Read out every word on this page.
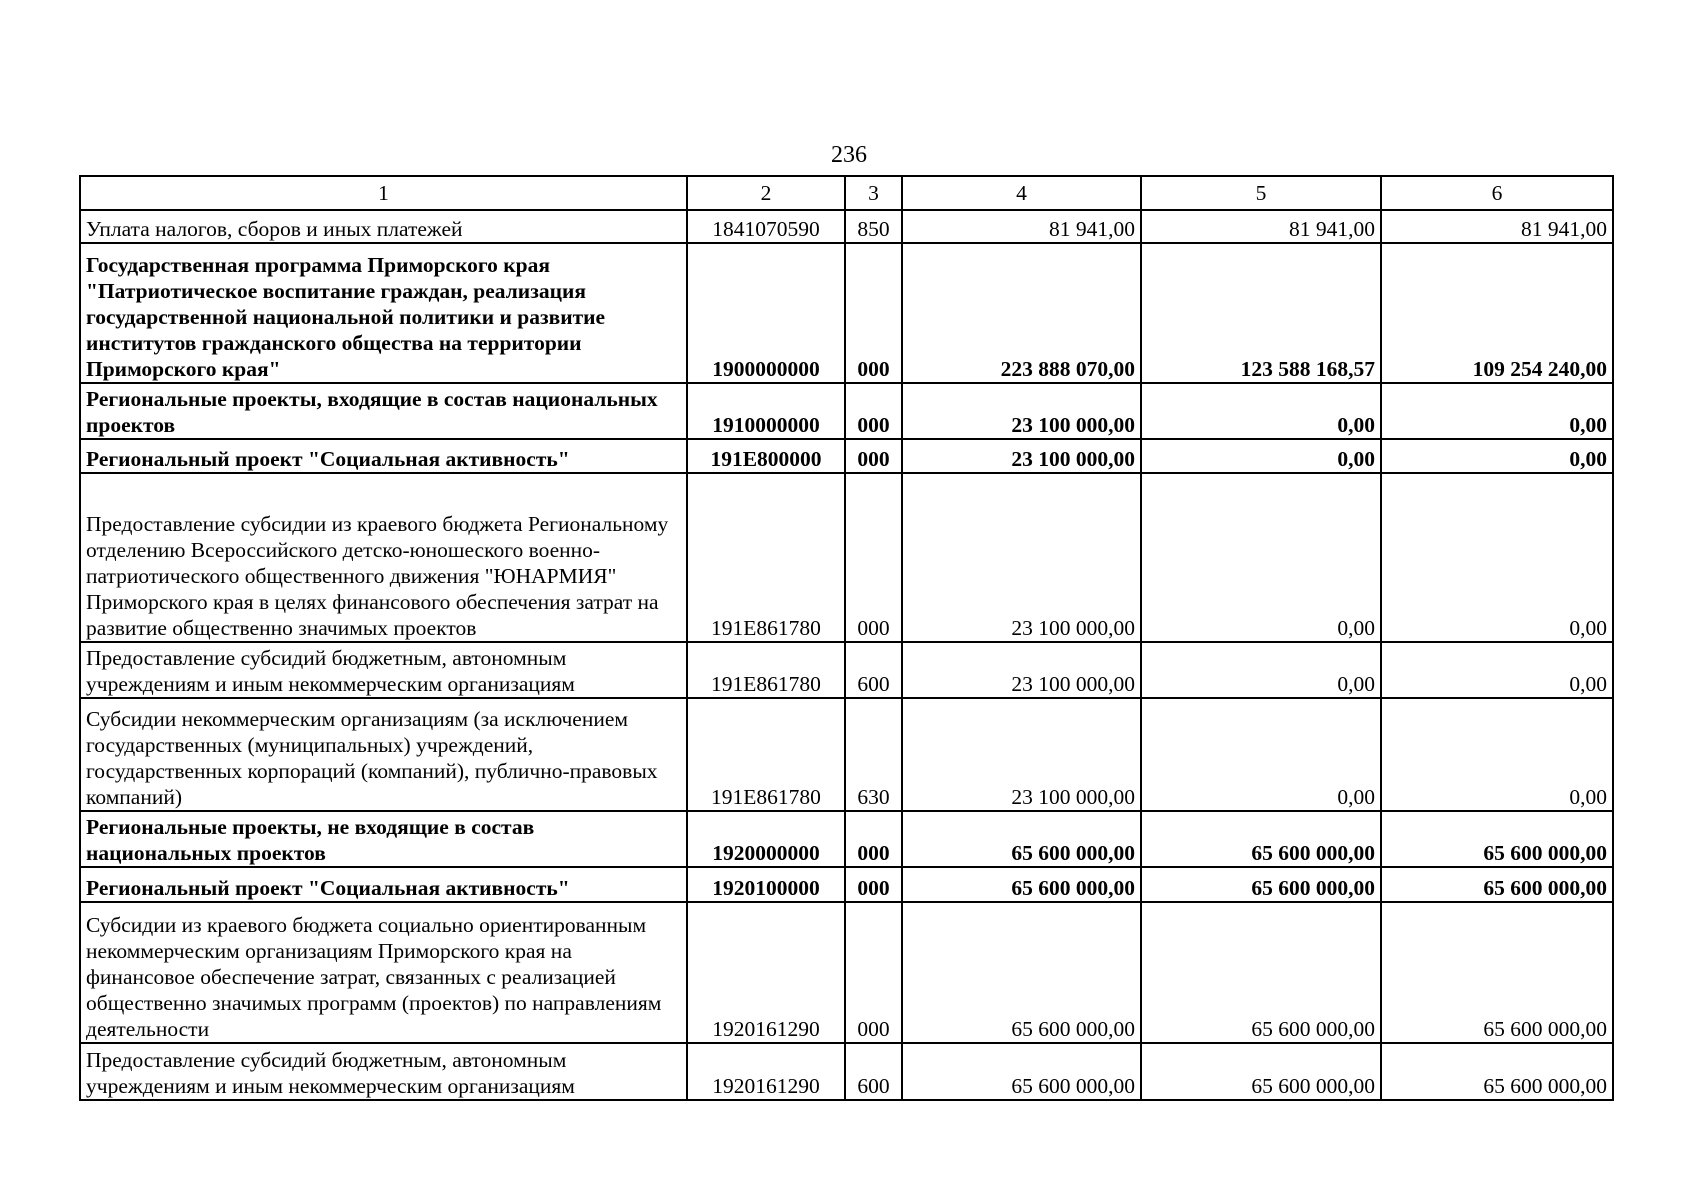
236
1	2	3	4	5	6
Уплата налогов, сборов и иных платежей	1841070590	850	81 941,00	81 941,00	81 941,00
Государственная программа Приморского края "Патриотическое воспитание граждан, реализация государственной национальной политики и развитие институтов гражданского общества на территории Приморского края"	1900000000	000	223 888 070,00	123 588 168,57	109 254 240,00
Региональные проекты, входящие в состав национальных проектов	1910000000	000	23 100 000,00	0,00	0,00
Региональный проект "Социальная активность"	191E800000	000	23 100 000,00	0,00	0,00
Предоставление субсидии из краевого бюджета Региональному отделению Всероссийского детско-юношеского военно-патриотического общественного движения "ЮНАРМИЯ" Приморского края в целях финансового обеспечения затрат на развитие общественно значимых проектов	191E861780	000	23 100 000,00	0,00	0,00
Предоставление субсидий бюджетным, автономным учреждениям и иным некоммерческим организациям	191E861780	600	23 100 000,00	0,00	0,00
Субсидии некоммерческим организациям (за исключением государственных (муниципальных) учреждений, государственных корпораций (компаний), публично-правовых компаний)	191E861780	630	23 100 000,00	0,00	0,00
Региональные проекты, не входящие в состав национальных проектов	1920000000	000	65 600 000,00	65 600 000,00	65 600 000,00
Региональный проект "Социальная активность"	1920100000	000	65 600 000,00	65 600 000,00	65 600 000,00
Субсидии из краевого бюджета социально ориентированным некоммерческим организациям Приморского края на финансовое обеспечение затрат, связанных с реализацией общественно значимых программ (проектов) по направлениям деятельности	1920161290	000	65 600 000,00	65 600 000,00	65 600 000,00
Предоставление субсидий бюджетным, автономным учреждениям и иным некоммерческим организациям	1920161290	600	65 600 000,00	65 600 000,00	65 600 000,00
